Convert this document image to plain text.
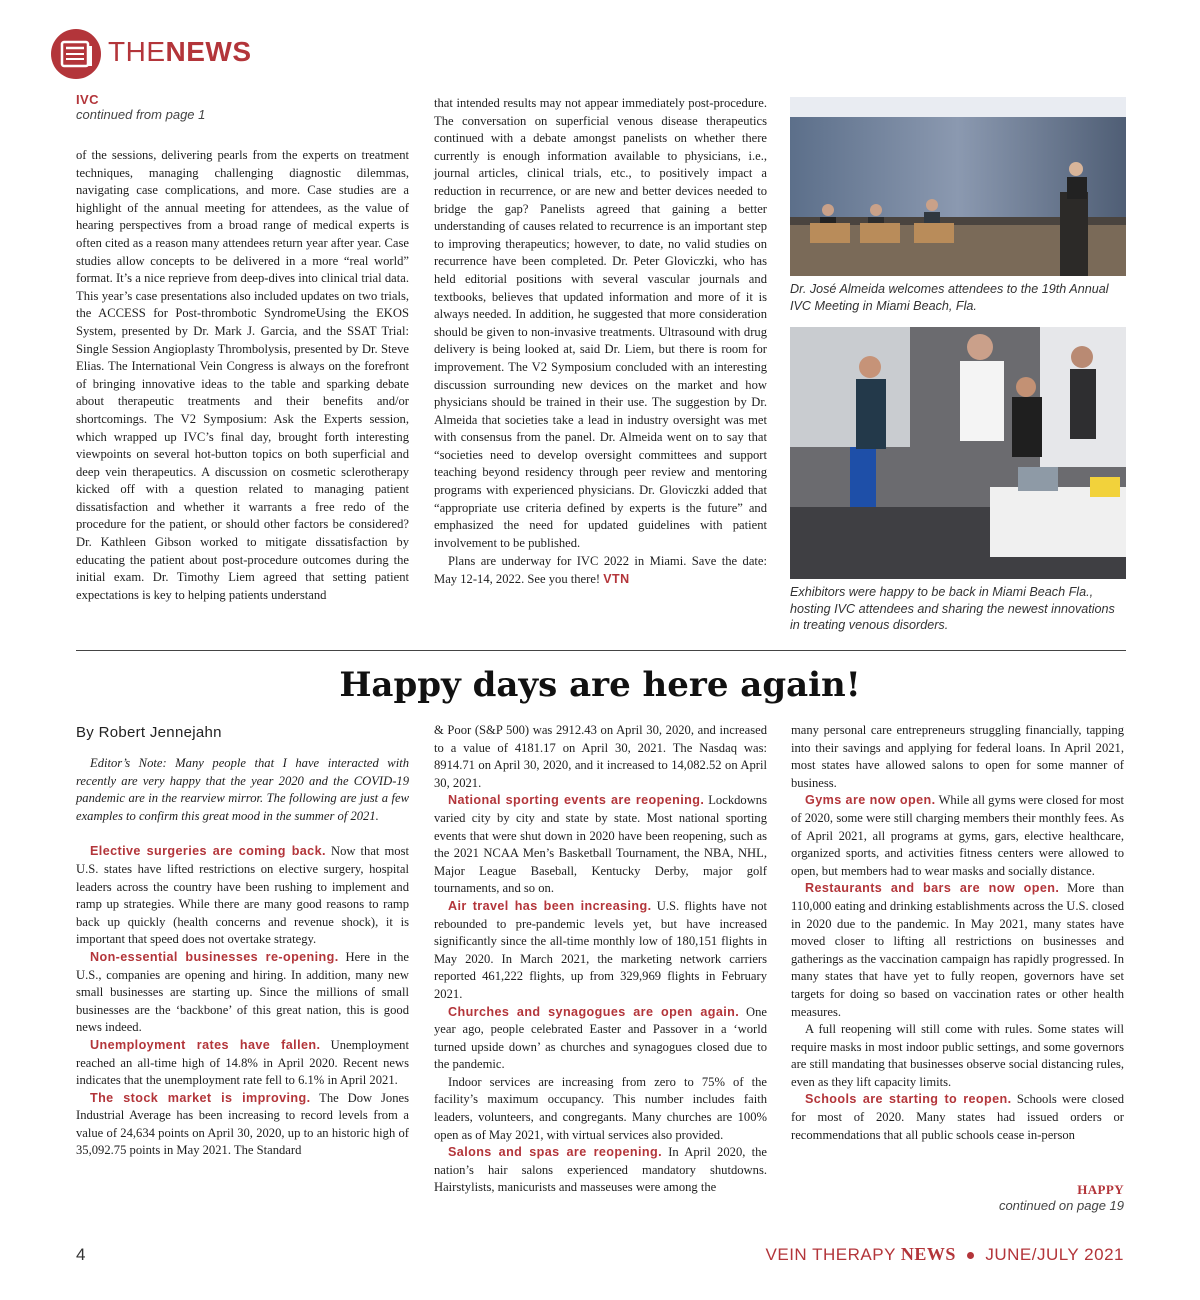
THENEWS
IVC
continued from page 1

of the sessions, delivering pearls from the experts on treatment techniques, managing challenging diagnostic dilemmas, navigating case complications, and more. Case studies are a highlight of the annual meeting for attendees, as the value of hearing perspectives from a broad range of medical experts is often cited as a reason many attendees return year after year. Case studies allow concepts to be delivered in a more “real world” format. It’s a nice reprieve from deep-dives into clinical trial data. This year’s case presentations also included updates on two trials, the ACCESS for Post-thrombotic SyndromeUsing the EKOS System, presented by Dr. Mark J. Garcia, and the SSAT Trial: Single Session Angioplasty Thrombolysis, presented by Dr. Steve Elias. The International Vein Congress is always on the forefront of bringing innovative ideas to the table and sparking debate about therapeutic treatments and their benefits and/or shortcomings. The V2 Symposium: Ask the Experts session, which wrapped up IVC’s final day, brought forth interesting viewpoints on several hot-button topics on both superficial and deep vein therapeutics. A discussion on cosmetic sclerotherapy kicked off with a question related to managing patient dissatisfaction and whether it warrants a free redo of the procedure for the patient, or should other factors be considered? Dr. Kathleen Gibson worked to mitigate dissatisfaction by educating the patient about post-procedure outcomes during the initial exam. Dr. Timothy Liem agreed that setting patient expectations is key to helping patients understand

that intended results may not appear immediately post-procedure. The conversation on superficial venous disease therapeutics continued with a debate amongst panelists on whether there currently is enough information available to physicians, i.e., journal articles, clinical trials, etc., to positively impact a reduction in recurrence, or are new and better devices needed to bridge the gap? Panelists agreed that gaining a better understanding of causes related to recurrence is an important step to improving therapeutics; however, to date, no valid studies on recurrence have been completed. Dr. Peter Gloviczki, who has held editorial positions with several vascular journals and textbooks, believes that updated information and more of it is always needed. In addition, he suggested that more consideration should be given to non-invasive treatments. Ultrasound with drug delivery is being looked at, said Dr. Liem, but there is room for improvement. The V2 Symposium concluded with an interesting discussion surrounding new devices on the market and how physicians should be trained in their use. The suggestion by Dr. Almeida that societies take a lead in industry oversight was met with consensus from the panel. Dr. Almeida went on to say that “societies need to develop oversight committees and support teaching beyond residency through peer review and mentoring programs with experienced physicians. Dr. Gloviczki added that “appropriate use criteria defined by experts is the future” and emphasized the need for updated guidelines with patient involvement to be published.

Plans are underway for IVC 2022 in Miami. Save the date: May 12-14, 2022. See you there! VTN

Dr. José Almeida welcomes attendees to the 19th Annual IVC Meeting in Miami Beach, Fla.
Exhibitors were happy to be back in Miami Beach Fla., hosting IVC attendees and sharing the newest innovations in treating venous disorders.
Happy days are here again!
By Robert Jennejahn

Editor’s Note: Many people that I have interacted with recently are very happy that the year 2020 and the COVID-19 pandemic are in the rearview mirror. The following are just a few examples to confirm this great mood in the summer of 2021.

Elective surgeries are coming back. Now that most U.S. states have lifted restrictions on elective surgery, hospital leaders across the country have been rushing to implement and ramp up strategies. While there are many good reasons to ramp back up quickly (health concerns and revenue shock), it is important that speed does not overtake strategy.

Non-essential businesses re-opening. Here in the U.S., companies are opening and hiring. In addition, many new small businesses are starting up. Since the millions of small businesses are the ‘backbone’ of this great nation, this is good news indeed.

Unemployment rates have fallen. Unemployment reached an all-time high of 14.8% in April 2020. Recent news indicates that the unemployment rate fell to 6.1% in April 2021.

The stock market is improving. The Dow Jones Industrial Average has been increasing to record levels from a value of 24,634 points on April 30, 2020, up to an historic high of 35,092.75 points in May 2021. The Standard

& Poor (S&P 500) was 2912.43 on April 30, 2020, and increased to a value of 4181.17 on April 30, 2021. The Nasdaq was: 8914.71 on April 30, 2020, and it increased to 14,082.52 on April 30, 2021.

National sporting events are reopening. Lockdowns varied city by city and state by state. Most national sporting events that were shut down in 2020 have been reopening, such as the 2021 NCAA Men’s Basketball Tournament, the NBA, NHL, Major League Baseball, Kentucky Derby, major golf tournaments, and so on.

Air travel has been increasing. U.S. flights have not rebounded to pre-pandemic levels yet, but have increased significantly since the all-time monthly low of 180,151 flights in May 2020. In March 2021, the marketing network carriers reported 461,222 flights, up from 329,969 flights in February 2021.

Churches and synagogues are open again. One year ago, people celebrated Easter and Passover in a ‘world turned upside down’ as churches and synagogues closed due to the pandemic.

Indoor services are increasing from zero to 75% of the facility’s maximum occupancy. This number includes faith leaders, volunteers, and congregants. Many churches are 100% open as of May 2021, with virtual services also provided.

Salons and spas are reopening. In April 2020, the nation’s hair salons experienced mandatory shutdowns. Hairstylists, manicurists and masseuses were among the

many personal care entrepreneurs struggling financially, tapping into their savings and applying for federal loans. In April 2021, most states have allowed salons to open for some manner of business.

Gyms are now open. While all gyms were closed for most of 2020, some were still charging members their monthly fees. As of April 2021, all programs at gyms, gars, elective healthcare, organized sports, and activities fitness centers were allowed to open, but members had to wear masks and socially distance.

Restaurants and bars are now open. More than 110,000 eating and drinking establishments across the U.S. closed in 2020 due to the pandemic. In May 2021, many states have moved closer to lifting all restrictions on businesses and gatherings as the vaccination campaign has rapidly progressed. In many states that have yet to fully reopen, governors have set targets for doing so based on vaccination rates or other health measures.

A full reopening will still come with rules. Some states will require masks in most indoor public settings, and some governors are still mandating that businesses observe social distancing rules, even as they lift capacity limits.

Schools are starting to reopen. Schools were closed for most of 2020. Many states had issued orders or recommendations that all public schools cease in-person

HAPPY
continued on page 19
4	VEIN THERAPY NEWS JUNE/JULY 2021
